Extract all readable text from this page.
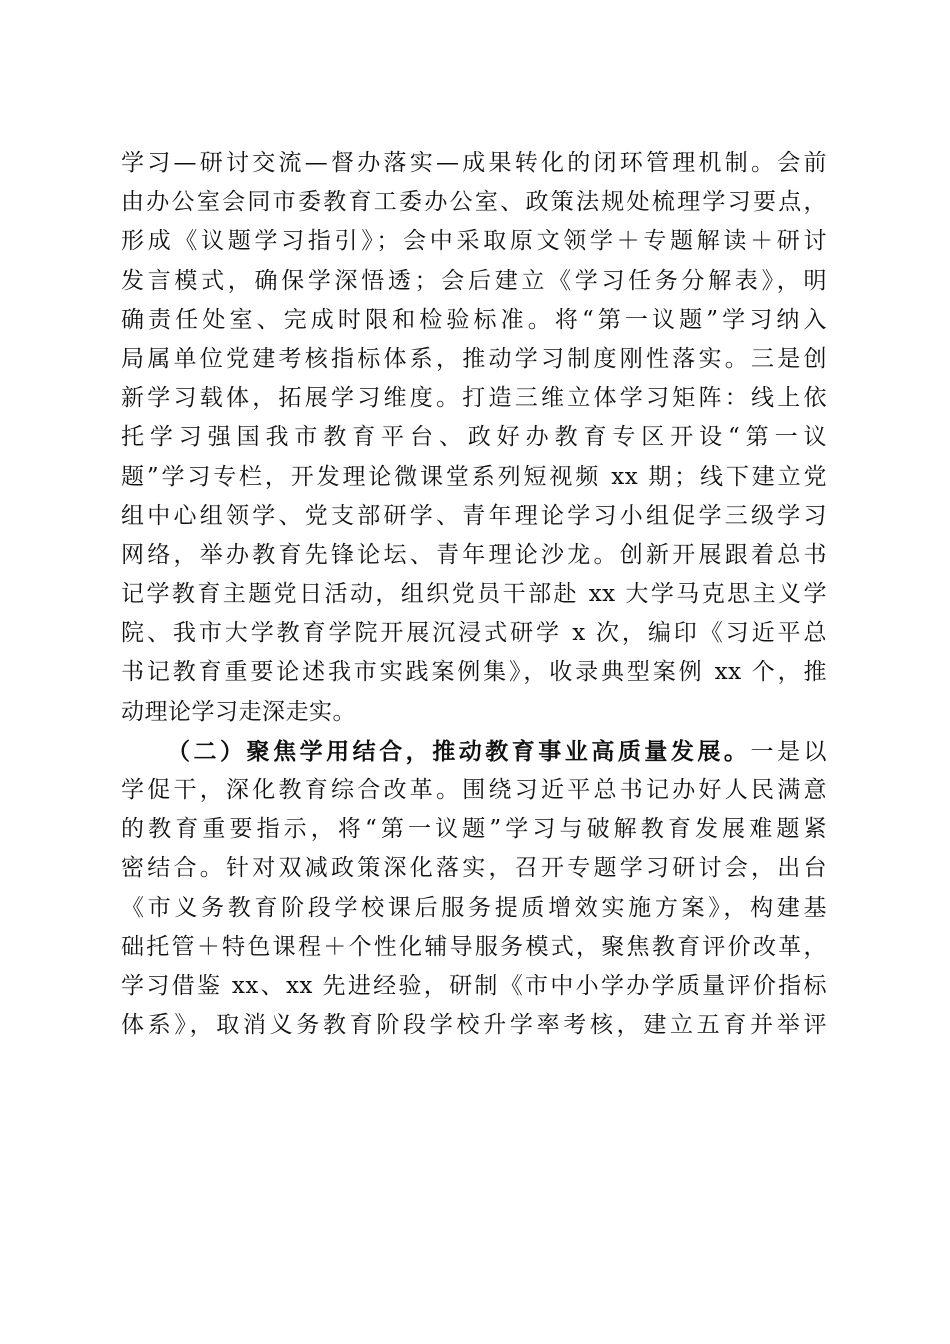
学习—研讨交流—督办落实—成果转化的闭环管理机制。会前
由办公室会同市委教育工委办公室、政策法规处梳理学习要点，
形成《议题学习指引》；会中采取原文领学＋专题解读＋研讨
发言模式，确保学深悟透；会后建立《学习任务分解表》，明
确责任处室、完成时限和检验标准。将“第一议题”学习纳入
局属单位党建考核指标体系，推动学习制度刚性落实。三是创
新学习载体，拓展学习维度。打造三维立体学习矩阵：线上依
托学习强国我市教育平台、政好办教育专区开设“第一议
题”学习专栏，开发理论微课堂系列短视频 xx 期；线下建立党
组中心组领学、党支部研学、青年理论学习小组促学三级学习
网络，举办教育先锋论坛、青年理论沙龙。创新开展跟着总书
记学教育主题党日活动，组织党员干部赴 xx 大学马克思主义学
院、我市大学教育学院开展沉浸式研学 x 次，编印《习近平总
书记教育重要论述我市实践案例集》，收录典型案例 xx 个，推
动理论学习走深走实。
（二）聚焦学用结合，推动教育事业高质量发展。一是以
学促干，深化教育综合改革。围绕习近平总书记办好人民满意
的教育重要指示，将“第一议题”学习与破解教育发展难题紧
密结合。针对双减政策深化落实，召开专题学习研讨会，出台
《市义务教育阶段学校课后服务提质增效实施方案》，构建基
础托管＋特色课程＋个性化辅导服务模式，聚焦教育评价改革，
学习借鉴 xx、xx 先进经验，研制《市中小学办学质量评价指标
体系》，取消义务教育阶段学校升学率考核，建立五育并举评
